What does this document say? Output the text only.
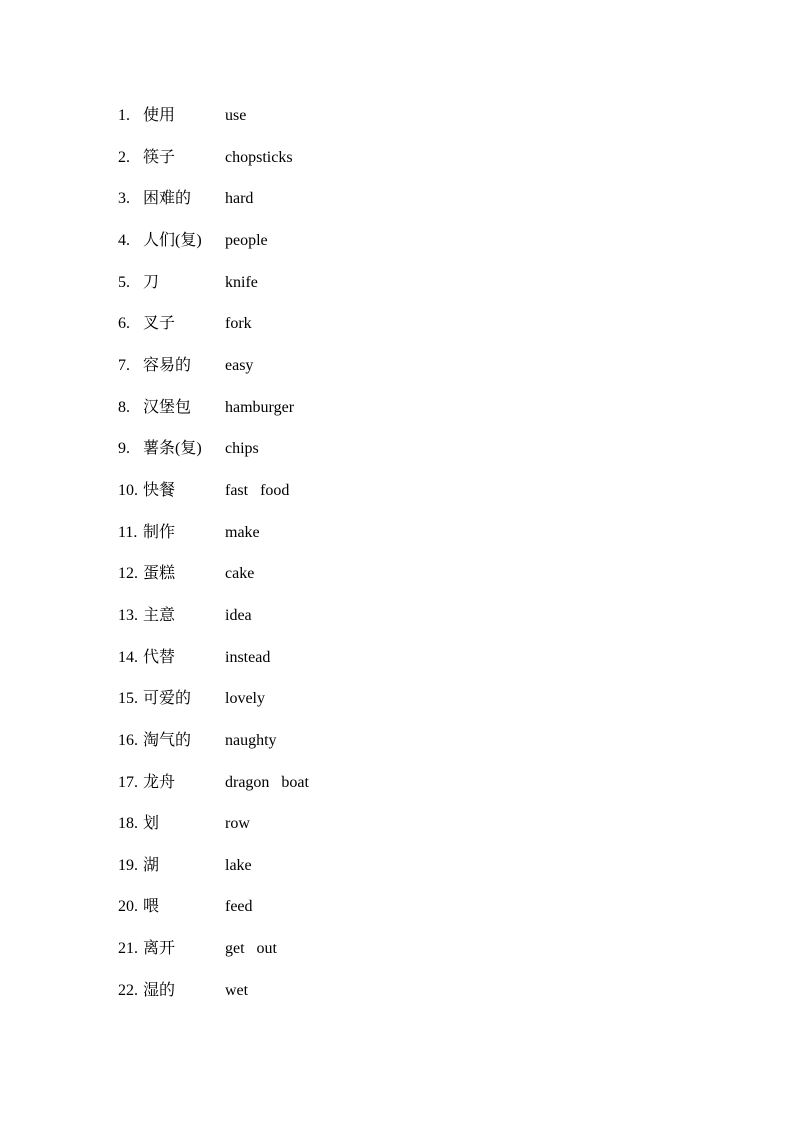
1. 使用	use
2. 筷子	chopsticks
3. 困难的	hard
4. 人们(复)	people
5. 刀	knife
6. 叉子	fork
7. 容易的	easy
8. 汉堡包	hamburger
9. 薯条(复)	chips
10. 快餐	fast   food
11. 制作	make
12. 蛋糕	cake
13. 主意	idea
14. 代替	instead
15. 可爱的	lovely
16. 淘气的	naughty
17. 龙舟	dragon   boat
18. 划	row
19. 湖	lake
20. 喂	feed
21. 离开	get   out
22. 湿的	wet
